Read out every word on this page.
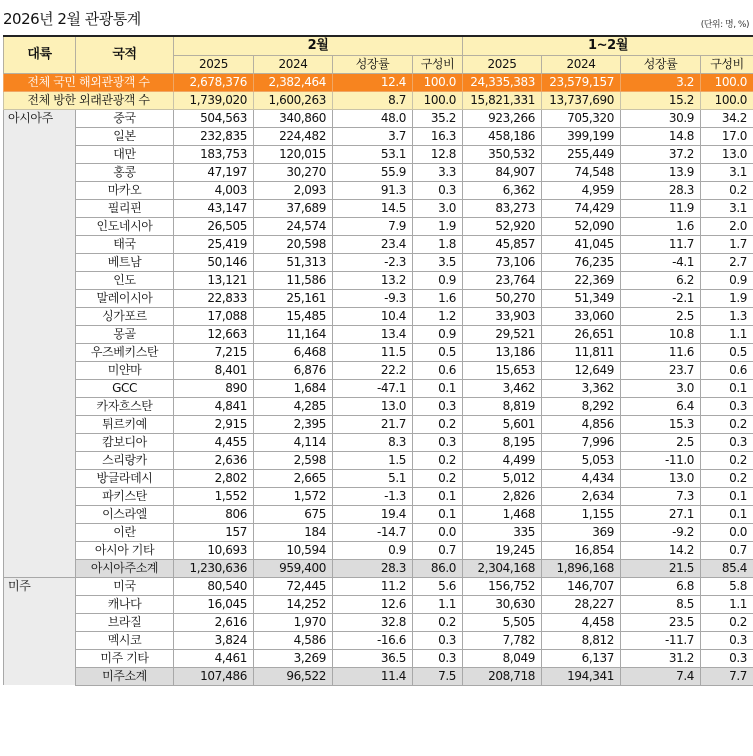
2026년 2월 관광통계	(단위: 명, %)
대륙	국적	2월				1~2월			
		2025	2024	성장률	구성비	2025	2024	성장률	구성비
전체 국민 해외관광객 수		2,678,376	2,382,464	12.4	100.0	24,335,383	23,579,157	3.2	100.0
전체 방한 외래관광객 수		1,739,020	1,600,263	8.7	100.0	15,821,331	13,737,690	15.2	100.0
아시아주	중국	504,563	340,860	48.0	35.2	923,266	705,320	30.9	34.2
	일본	232,835	224,482	3.7	16.3	458,186	399,199	14.8	17.0
	대만	183,753	120,015	53.1	12.8	350,532	255,449	37.2	13.0
	홍콩	47,197	30,270	55.9	3.3	84,907	74,548	13.9	3.1
	마카오	4,003	2,093	91.3	0.3	6,362	4,959	28.3	0.2
	필리핀	43,147	37,689	14.5	3.0	83,273	74,429	11.9	3.1
	인도네시아	26,505	24,574	7.9	1.9	52,920	52,090	1.6	2.0
	태국	25,419	20,598	23.4	1.8	45,857	41,045	11.7	1.7
	베트남	50,146	51,313	-2.3	3.5	73,106	76,235	-4.1	2.7
	인도	13,121	11,586	13.2	0.9	23,764	22,369	6.2	0.9
	말레이시아	22,833	25,161	-9.3	1.6	50,270	51,349	-2.1	1.9
	싱가포르	17,088	15,485	10.4	1.2	33,903	33,060	2.5	1.3
	몽골	12,663	11,164	13.4	0.9	29,521	26,651	10.8	1.1
	우즈베키스탄	7,215	6,468	11.5	0.5	13,186	11,811	11.6	0.5
	미얀마	8,401	6,876	22.2	0.6	15,653	12,649	23.7	0.6
	GCC	890	1,684	-47.1	0.1	3,462	3,362	3.0	0.1
	카자흐스탄	4,841	4,285	13.0	0.3	8,819	8,292	6.4	0.3
	튀르키예	2,915	2,395	21.7	0.2	5,601	4,856	15.3	0.2
	캄보디아	4,455	4,114	8.3	0.3	8,195	7,996	2.5	0.3
	스리랑카	2,636	2,598	1.5	0.2	4,499	5,053	-11.0	0.2
	방글라데시	2,802	2,665	5.1	0.2	5,012	4,434	13.0	0.2
	파키스탄	1,552	1,572	-1.3	0.1	2,826	2,634	7.3	0.1
	이스라엘	806	675	19.4	0.1	1,468	1,155	27.1	0.1
	이란	157	184	-14.7	0.0	335	369	-9.2	0.0
	아시아 기타	10,693	10,594	0.9	0.7	19,245	16,854	14.2	0.7
	아시아주소계	1,230,636	959,400	28.3	86.0	2,304,168	1,896,168	21.5	85.4
미주	미국	80,540	72,445	11.2	5.6	156,752	146,707	6.8	5.8
	캐나다	16,045	14,252	12.6	1.1	30,630	28,227	8.5	1.1
	브라질	2,616	1,970	32.8	0.2	5,505	4,458	23.5	0.2
	멕시코	3,824	4,586	-16.6	0.3	7,782	8,812	-11.7	0.3
	미주 기타	4,461	3,269	36.5	0.3	8,049	6,137	31.2	0.3
	미주소계	107,486	96,522	11.4	7.5	208,718	194,341	7.4	7.7
